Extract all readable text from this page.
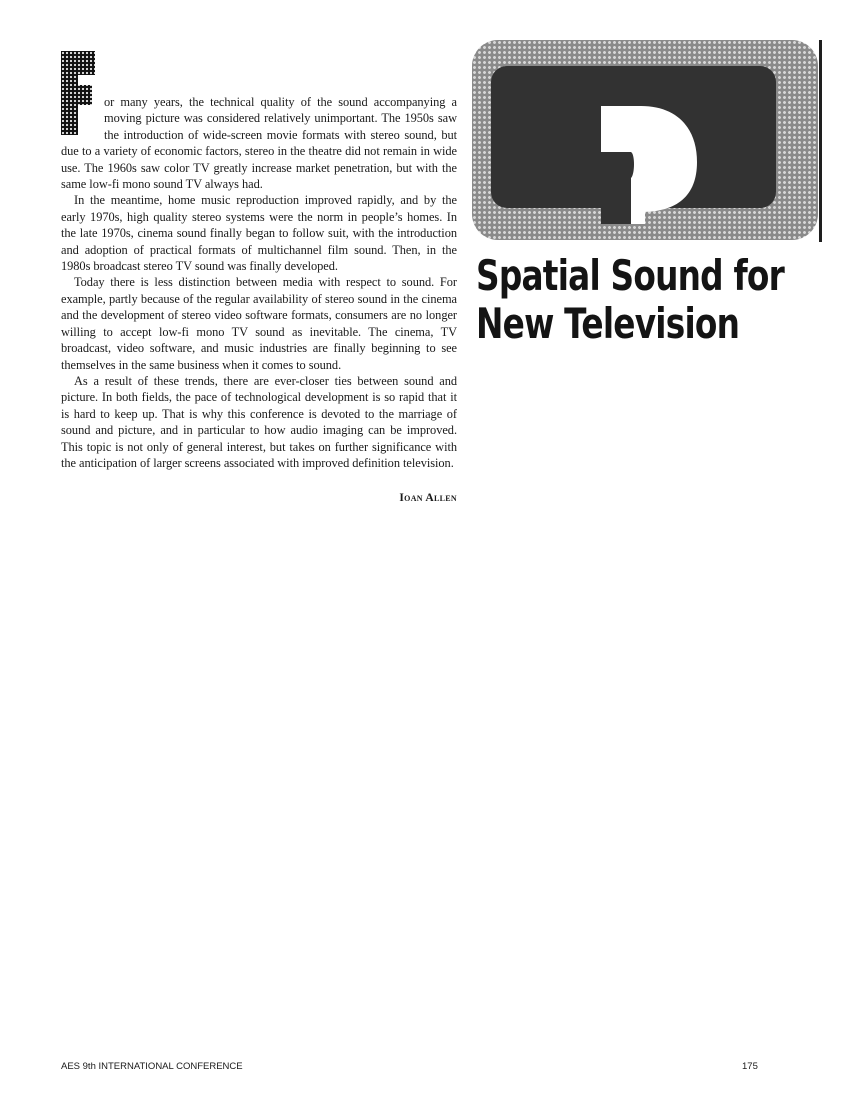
or many years, the technical quality of the sound accompanying a moving picture was considered relatively unimportant. The 1950s saw the introduction of wide-screen movie formats with stereo sound, but due to a variety of economic factors, stereo in the theatre did not remain in wide use. The 1960s saw color TV greatly increase market penetration, but with the same low-fi mono sound TV always had.

In the meantime, home music reproduction improved rapidly, and by the early 1970s, high quality stereo systems were the norm in people’s homes. In the late 1970s, cinema sound finally began to follow suit, with the introduction and adoption of practical formats of multichannel film sound. Then, in the 1980s broadcast stereo TV sound was finally developed.

Today there is less distinction between media with respect to sound. For example, partly because of the regular availability of stereo sound in the cinema and the development of stereo video software formats, consumers are no longer willing to accept low-fi mono TV sound as inevitable. The cinema, TV broadcast, video software, and music industries are finally beginning to see themselves in the same business when it comes to sound.

As a result of these trends, there are ever-closer ties between sound and picture. In both fields, the pace of technological development is so rapid that it is hard to keep up. That is why this conference is devoted to the marriage of sound and picture, and in particular to how audio imaging can be improved. This topic is not only of general interest, but takes on further significance with the anticipation of larger screens associated with improved definition television.

Ioan Allen
Spatial Sound for
New Television
AES 9th INTERNATIONAL CONFERENCE	175
